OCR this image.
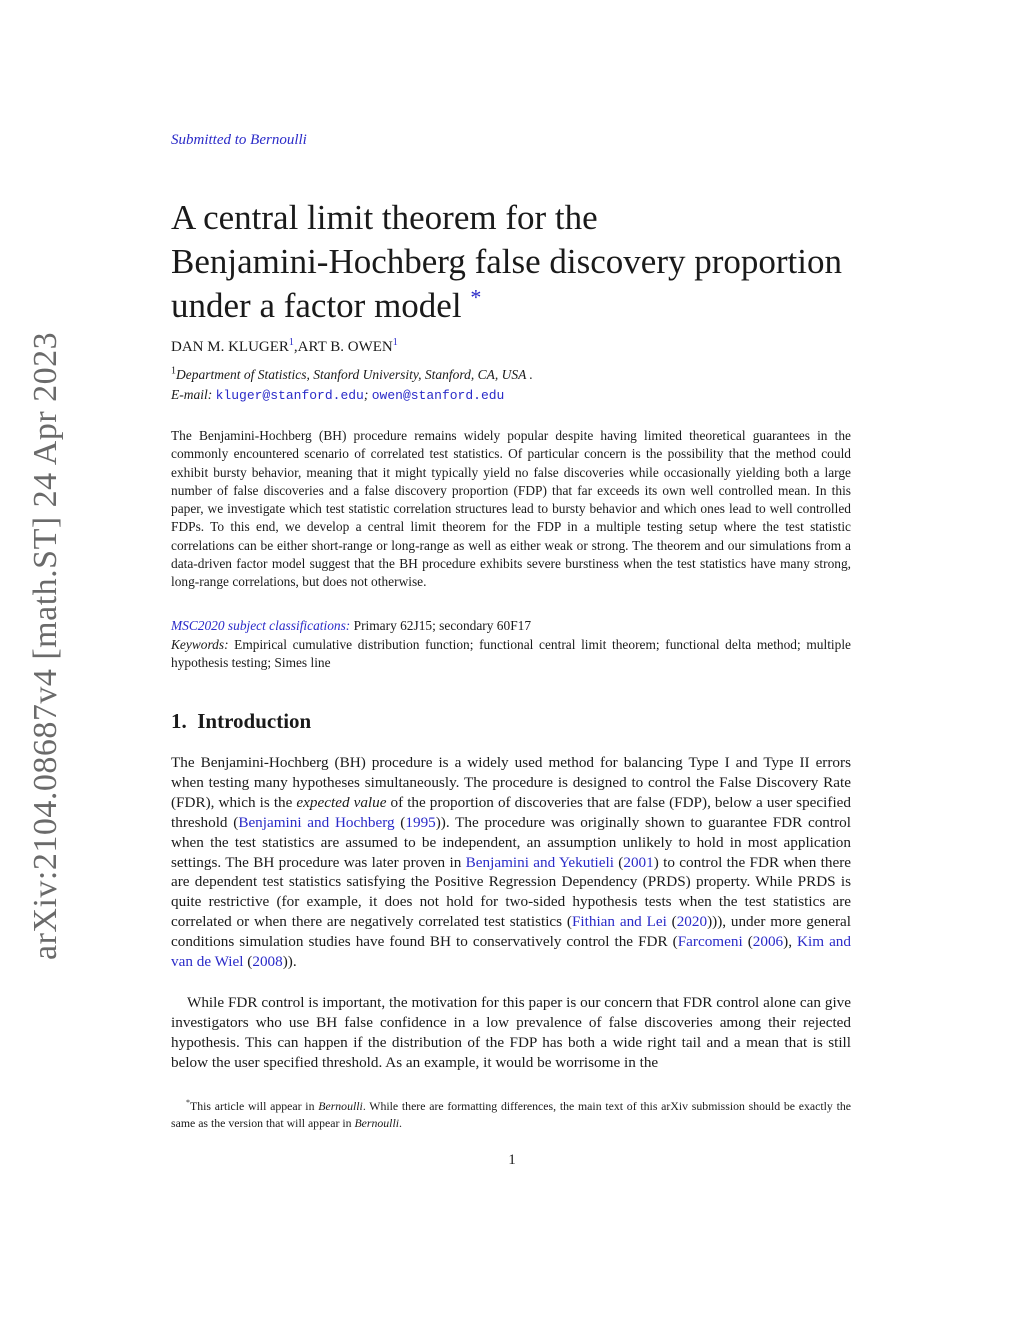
arXiv:2104.08687v4 [math.ST] 24 Apr 2023
Submitted to Bernoulli
A central limit theorem for the
Benjamini-Hochberg false discovery proportion
under a factor model *
DAN M. KLUGER$^1$,ART B. OWEN$^1$
$^1$Department of Statistics, Stanford University, Stanford, CA, USA .
E-mail: kluger@stanford.edu; owen@stanford.edu
The Benjamini-Hochberg (BH) procedure remains widely popular despite having limited theoretical guarantees in the commonly encountered scenario of correlated test statistics. Of particular concern is the possibility that the method could exhibit bursty behavior, meaning that it might typically yield no false discoveries while occasionally yielding both a large number of false discoveries and a false discovery proportion (FDP) that far exceeds its own well controlled mean. In this paper, we investigate which test statistic correlation structures lead to bursty behavior and which ones lead to well controlled FDPs. To this end, we develop a central limit theorem for the FDP in a multiple testing setup where the test statistic correlations can be either short-range or long-range as well as either weak or strong. The theorem and our simulations from a data-driven factor model suggest that the BH procedure exhibits severe burstiness when the test statistics have many strong, long-range correlations, but does not otherwise.
MSC2020 subject classifications: Primary 62J15; secondary 60F17
Keywords: Empirical cumulative distribution function; functional central limit theorem; functional delta method; multiple hypothesis testing; Simes line
1. Introduction
The Benjamini-Hochberg (BH) procedure is a widely used method for balancing Type I and Type II errors when testing many hypotheses simultaneously. The procedure is designed to control the False Discovery Rate (FDR), which is the expected value of the proportion of discoveries that are false (FDP), below a user specified threshold (Benjamini and Hochberg (1995)). The procedure was originally shown to guarantee FDR control when the test statistics are assumed to be independent, an assumption unlikely to hold in most application settings. The BH procedure was later proven in Benjamini and Yekutieli (2001) to control the FDR when there are dependent test statistics satisfying the Positive Regression Dependency (PRDS) property. While PRDS is quite restrictive (for example, it does not hold for two-sided hypothesis tests when the test statistics are correlated or when there are negatively correlated test statistics (Fithian and Lei (2020))), under more general conditions simulation studies have found BH to conservatively control the FDR (Farcomeni (2006), Kim and van de Wiel (2008)).
While FDR control is important, the motivation for this paper is our concern that FDR control alone can give investigators who use BH false confidence in a low prevalence of false discoveries among their rejected hypothesis. This can happen if the distribution of the FDP has both a wide right tail and a mean that is still below the user specified threshold. As an example, it would be worrisome in the
*This article will appear in Bernoulli. While there are formatting differences, the main text of this arXiv submission should be exactly the same as the version that will appear in Bernoulli.
1
